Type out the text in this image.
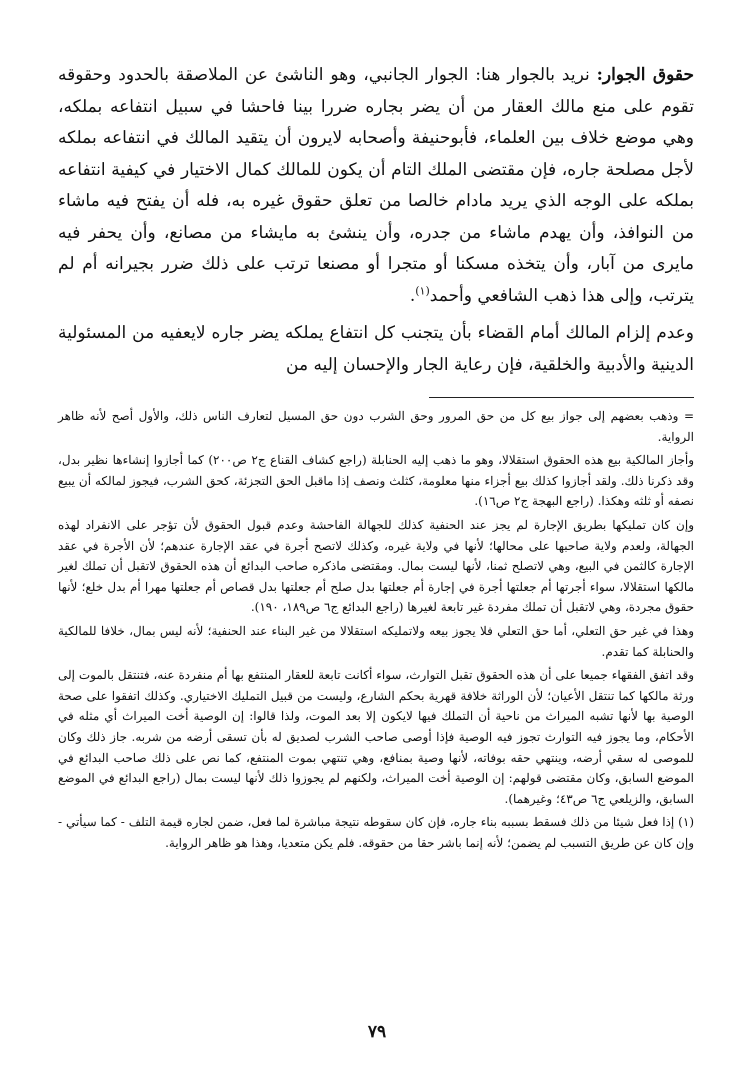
حقوق الجوار: نريد بالجوار هنا: الجوار الجانبي، وهو الناشئ عن الملاصقة بالحدود وحقوقه تقوم على منع مالك العقار من أن يضر بجاره ضررا بينا فاحشا في سبيل انتفاعه بملكه، وهي موضع خلاف بين العلماء، فأبوحنيفة وأصحابه لايرون أن يتقيد المالك في انتفاعه بملكه لأجل مصلحة جاره، فإن مقتضى الملك التام أن يكون للمالك كمال الاختيار في كيفية انتفاعه بملكه على الوجه الذي يريد مادام خالصا من تعلق حقوق غيره به، فله أن يفتح فيه ماشاء من النوافذ، وأن يهدم ماشاء من جدره، وأن ينشئ به مايشاء من مصانع، وأن يحفر فيه مايرى من آبار، وأن يتخذه مسكنا أو متجرا أو مصنعا ترتب على ذلك ضرر بجيرانه أم لم يترتب، وإلى هذا ذهب الشافعي وأحمد$^{(١)}$.

وعدم إلزام المالك أمام القضاء بأن يتجنب كل انتفاع يملكه يضر جاره لايعفيه من المسئولية الدينية والأدبية والخلقية، فإن رعاية الجار والإحسان إليه من

= وذهب بعضهم إلى جواز بيع كل من حق المرور وحق الشرب دون حق المسيل لتعارف الناس ذلك، والأول أصح لأنه ظاهر الرواية.

وأجاز المالكية بيع هذه الحقوق استقلالا، وهو ما ذهب إليه الحنابلة (راجع كشاف القناع ج٢ ص٢٠٠) كما أجازوا إنشاءها نظير بدل، وقد ذكرنا ذلك. ولقد أجازوا كذلك بيع أجزاء منها معلومة، كثلث ونصف إذا ماقبل الحق التجزئة، كحق الشرب، فيجوز لمالكه أن يبيع نصفه أو ثلثه وهكذا. (راجع البهجة ج٢ ص١٦).

وإن كان تمليكها بطريق الإجارة لم يجز عند الحنفية كذلك للجهالة الفاحشة وعدم قبول الحقوق لأن تؤجر على الانفراد لهذه الجهالة، ولعدم ولاية صاحبها على محالها؛ لأنها في ولاية غيره، وكذلك لاتصح أجرة في عقد الإجارة عندهم؛ لأن الأجرة في عقد الإجارة كالثمن في البيع، وهي لاتصلح ثمنا، لأنها ليست بمال. ومقتضى ماذكره صاحب البدائع أن هذه الحقوق لاتقبل أن تملك لغير مالكها استقلالا، سواء أجرتها أم جعلتها أجرة في إجارة أم جعلتها بدل صلح أم جعلتها بدل قصاص أم جعلتها مهرا أم بدل خلع؛ لأنها حقوق مجردة، وهي لاتقبل أن تملك مفردة غير تابعة لغيرها (راجع البدائع ج٦ ص١٨٩، ١٩٠).

وهذا في غير حق التعلي، أما حق التعلي فلا يجوز بيعه ولاتمليكه استقلالا من غير البناء عند الحنفية؛ لأنه ليس بمال، خلافا للمالكية والحنابلة كما تقدم.

وقد اتفق الفقهاء جميعا على أن هذه الحقوق تقبل التوارث، سواء أكانت تابعة للعقار المنتفع بها أم منفردة عنه، فتنتقل بالموت إلى ورثة مالكها كما تنتقل الأعيان؛ لأن الوراثة خلافة قهرية بحكم الشارع، وليست من قبيل التمليك الاختياري. وكذلك اتفقوا على صحة الوصية بها لأنها تشبه الميراث من ناحية أن التملك فيها لايكون إلا بعد الموت، ولذا قالوا: إن الوصية أخت الميراث أي مثله في الأحكام، وما يجوز فيه التوارث تجوز فيه الوصية فإذا أوصى صاحب الشرب لصديق له بأن تسقى أرضه من شربه. جاز ذلك وكان للموصى له سقي أرضه، وينتهي حقه بوفاته، لأنها وصية بمنافع، وهي تنتهي بموت المنتفع، كما نص على ذلك صاحب البدائع في الموضع السابق، وكان مقتضى قولهم: إن الوصية أخت الميراث، ولكنهم لم يجوزوا ذلك لأنها ليست بمال (راجع البدائع في الموضع السابق، والزيلعي ج٦ ص٤٣؛ وغيرهما).

(١) إذا فعل شيئا من ذلك فسقط بسببه بناء جاره، فإن كان سقوطه نتيجة مباشرة لما فعل، ضمن لجاره قيمة التلف - كما سيأتي - وإن كان عن طريق التسبب لم يضمن؛ لأنه إنما باشر حقا من حقوقه. فلم يكن متعديا، وهذا هو ظاهر الرواية.

٧٩
